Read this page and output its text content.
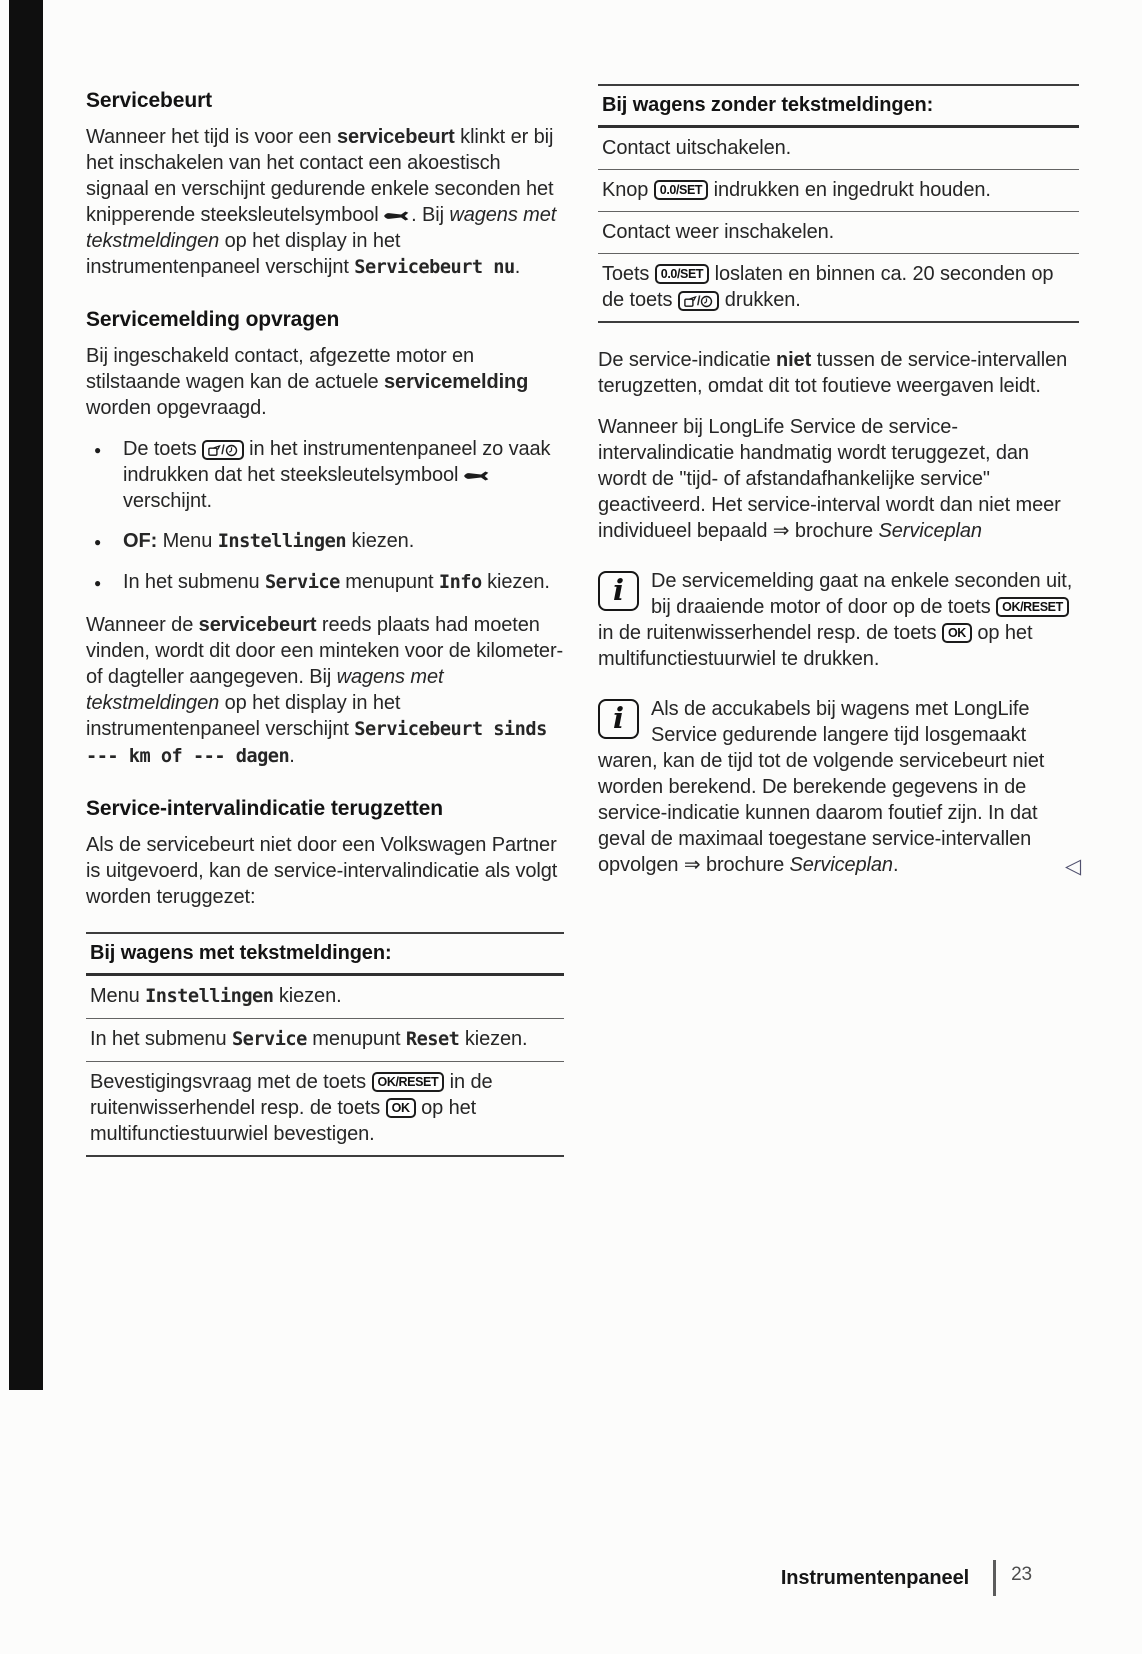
Servicebeurt

Wanneer het tijd is voor een servicebeurt klinkt er bij het inschakelen van het contact een akoestisch signaal en verschijnt gedurende enkele seconden het knipperende steeksleutelsymbool . Bij wagens met tekstmeldingen op het display in het instrumentenpaneel verschijnt Servicebeurt nu.

Servicemelding opvragen

Bij ingeschakeld contact, afgezette motor en stilstaande wagen kan de actuele servicemelding worden opgevraagd.

● De toets / in het instrumentenpaneel zo vaak indrukken dat het steeksleutelsymbool  verschijnt.
● OF: Menu Instellingen kiezen.
● In het submenu Service menupunt Info kiezen.

Wanneer de servicebeurt reeds plaats had moeten vinden, wordt dit door een minteken voor de kilometer- of dagteller aangegeven. Bij wagens met tekstmeldingen op het display in het instrumentenpaneel verschijnt Servicebeurt sinds --- km of --- dagen.

Service-intervalindicatie terugzetten

Als de servicebeurt niet door een Volkswagen Partner is uitgevoerd, kan de service-intervalindicatie als volgt worden teruggezet:

Bij wagens met tekstmeldingen:
Menu Instellingen kiezen.
In het submenu Service menupunt Reset kiezen.
Bevestigingsvraag met de toets OK/RESET in de ruitenwisserhendel resp. de toets OK op het multifunctiestuurwiel bevestigen.
Bij wagens zonder tekstmeldingen:
Contact uitschakelen.
Knop 0.0/SET indrukken en ingedrukt houden.
Contact weer inschakelen.
Toets 0.0/SET loslaten en binnen ca. 20 seconden op de toets / drukken.

De service-indicatie niet tussen de service-intervallen terugzetten, omdat dit tot foutieve weergaven leidt.

Wanneer bij LongLife Service de service-intervalindicatie handmatig wordt teruggezet, dan wordt de "tijd- of afstandafhankelijke service" geactiveerd. Het service-interval wordt dan niet meer individueel bepaald ⇒ brochure Serviceplan

i	De servicemelding gaat na enkele seconden uit, bij draaiende motor of door op de toets OK/RESET in de ruitenwisserhendel resp. de toets OK op het multifunctiestuurwiel te drukken.
i	Als de accukabels bij wagens met LongLife Service gedurende langere tijd losgemaakt waren, kan de tijd tot de volgende servicebeurt niet worden berekend. De berekende gegevens in de service-indicatie kunnen daarom foutief zijn. In dat geval de maximaal toegestane service-intervallen opvolgen ⇒ brochure Serviceplan.	◁
Instrumentenpaneel 23
